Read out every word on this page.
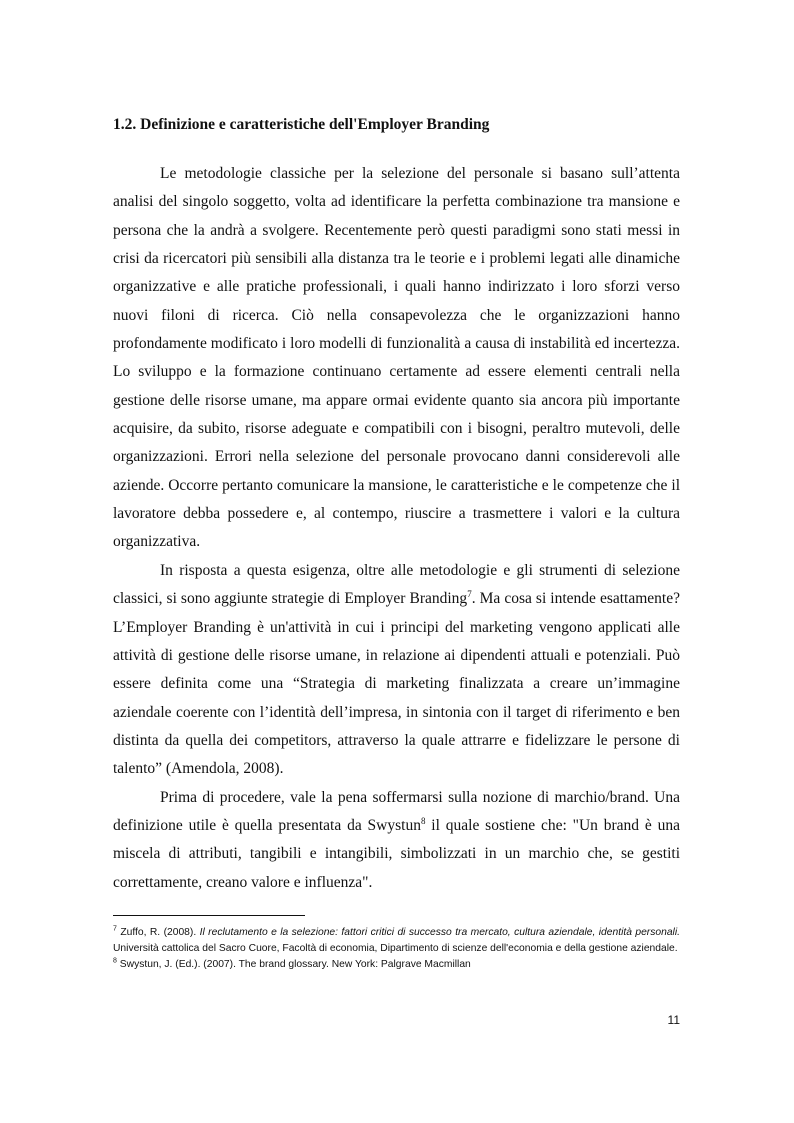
1.2. Definizione e caratteristiche dell'Employer Branding

Le metodologie classiche per la selezione del personale si basano sull’attenta analisi del singolo soggetto, volta ad identificare la perfetta combinazione tra mansione e persona che la andrà a svolgere. Recentemente però questi paradigmi sono stati messi in crisi da ricercatori più sensibili alla distanza tra le teorie e i problemi legati alle dinamiche organizzative e alle pratiche professionali, i quali hanno indirizzato i loro sforzi verso nuovi filoni di ricerca. Ciò nella consapevolezza che le organizzazioni hanno profondamente modificato i loro modelli di funzionalità a causa di instabilità ed incertezza. Lo sviluppo e la formazione continuano certamente ad essere elementi centrali nella gestione delle risorse umane, ma appare ormai evidente quanto sia ancora più importante acquisire, da subito, risorse adeguate e compatibili con i bisogni, peraltro mutevoli, delle organizzazioni. Errori nella selezione del personale provocano danni considerevoli alle aziende. Occorre pertanto comunicare la mansione, le caratteristiche e le competenze che il lavoratore debba possedere e, al contempo, riuscire a trasmettere i valori e la cultura organizzativa.

In risposta a questa esigenza, oltre alle metodologie e gli strumenti di selezione classici, si sono aggiunte strategie di Employer Branding$^7$. Ma cosa si intende esattamente? L’Employer Branding è un'attività in cui i principi del marketing vengono applicati alle attività di gestione delle risorse umane, in relazione ai dipendenti attuali e potenziali. Può essere definita come una “Strategia di marketing finalizzata a creare un’immagine aziendale coerente con l’identità dell’impresa, in sintonia con il target di riferimento e ben distinta da quella dei competitors, attraverso la quale attrarre e fidelizzare le persone di talento” (Amendola, 2008).

Prima di procedere, vale la pena soffermarsi sulla nozione di marchio/brand. Una definizione utile è quella presentata da Swystun$^8$ il quale sostiene che: "Un brand è una miscela di attributi, tangibili e intangibili, simbolizzati in un marchio che, se gestiti correttamente, creano valore e influenza".

$^7$ Zuffo, R. (2008). Il reclutamento e la selezione: fattori critici di successo tra mercato, cultura aziendale, identità personali. Università cattolica del Sacro Cuore, Facoltà di economia, Dipartimento di scienze dell'economia e della gestione aziendale.

$^8$ Swystun, J. (Ed.). (2007). The brand glossary. New York: Palgrave Macmillan

11
